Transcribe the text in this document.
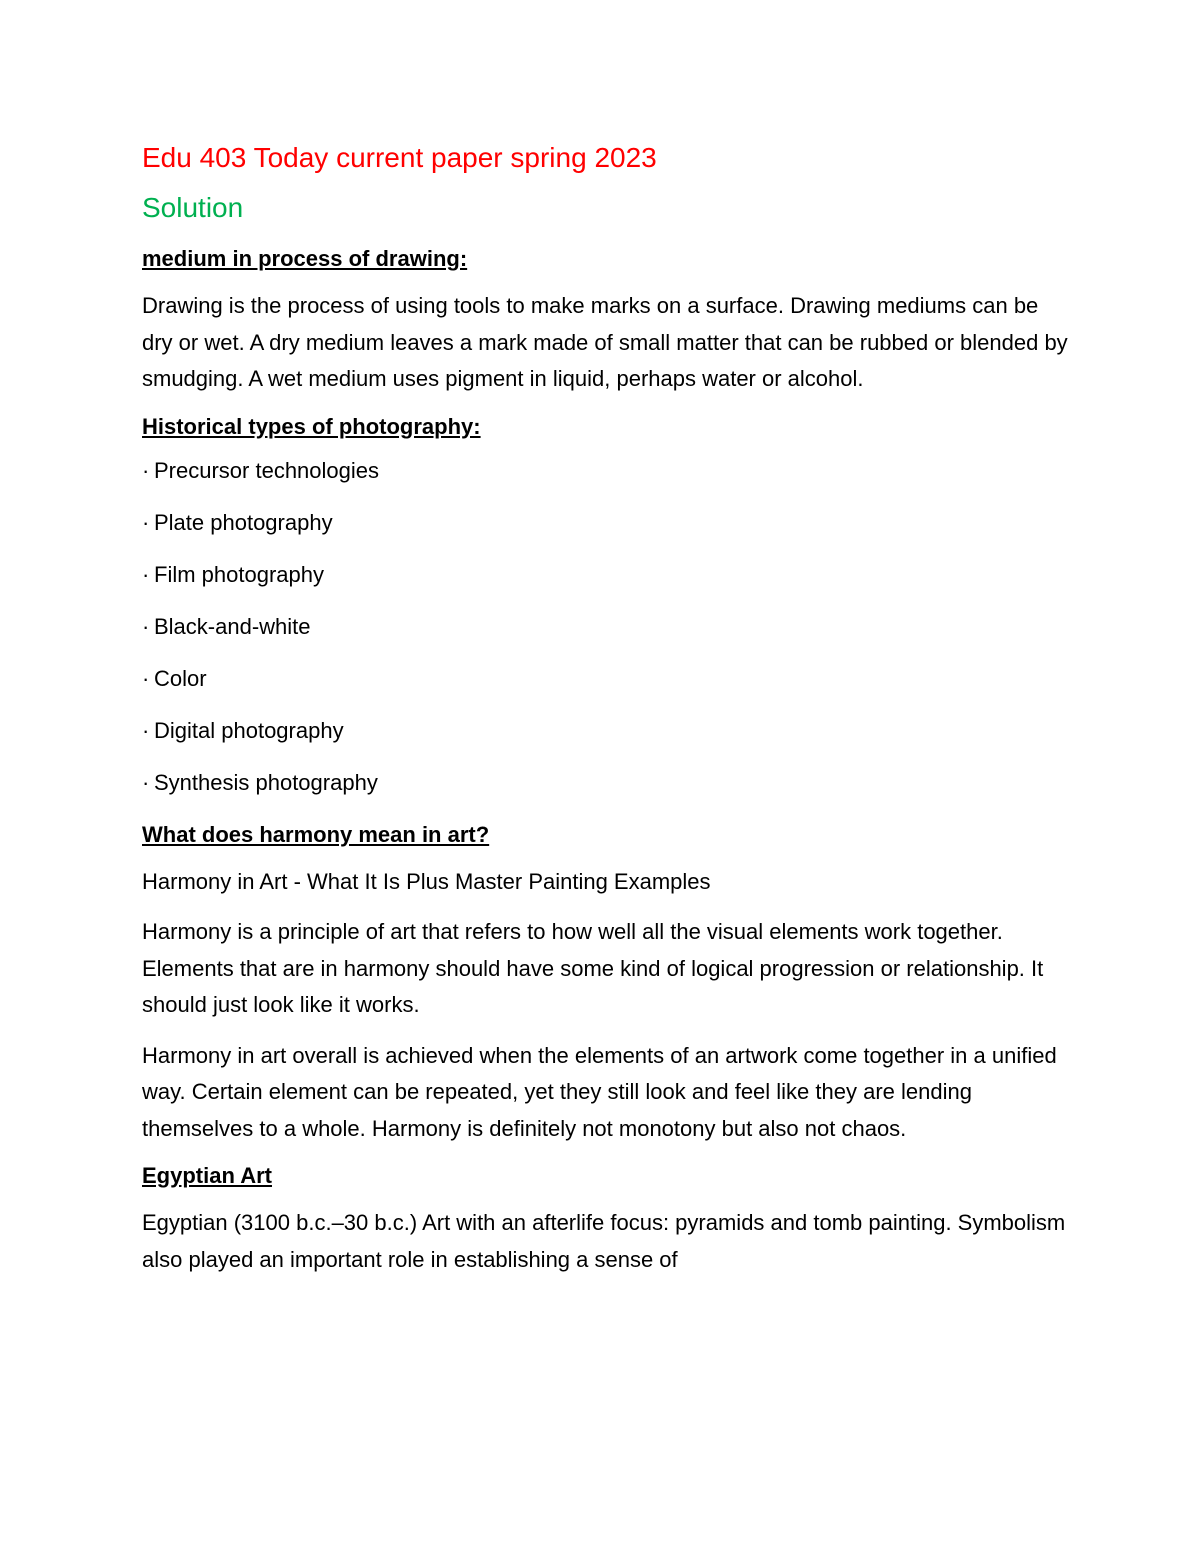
Edu 403 Today current paper spring 2023
Solution
medium in process of drawing:

Drawing is the process of using tools to make marks on a surface. Drawing mediums can be dry or wet. A dry medium leaves a mark made of small matter that can be rubbed or blended by smudging. A wet medium uses pigment in liquid, perhaps water or alcohol.

Historical types of photography:
· Precursor technologies
· Plate photography
· Film photography
· Black-and-white
· Color
· Digital photography
· Synthesis photography
What does harmony mean in art?

Harmony in Art - What It Is Plus Master Painting Examples

Harmony is a principle of art that refers to how well all the visual elements work together. Elements that are in harmony should have some kind of logical progression or relationship. It should just look like it works.

Harmony in art overall is achieved when the elements of an artwork come together in a unified way. Certain element can be repeated, yet they still look and feel like they are lending themselves to a whole. Harmony is definitely not monotony but also not chaos.

Egyptian Art

Egyptian (3100 b.c.–30 b.c.) Art with an afterlife focus: pyramids and tomb painting. Symbolism also played an important role in establishing a sense of
